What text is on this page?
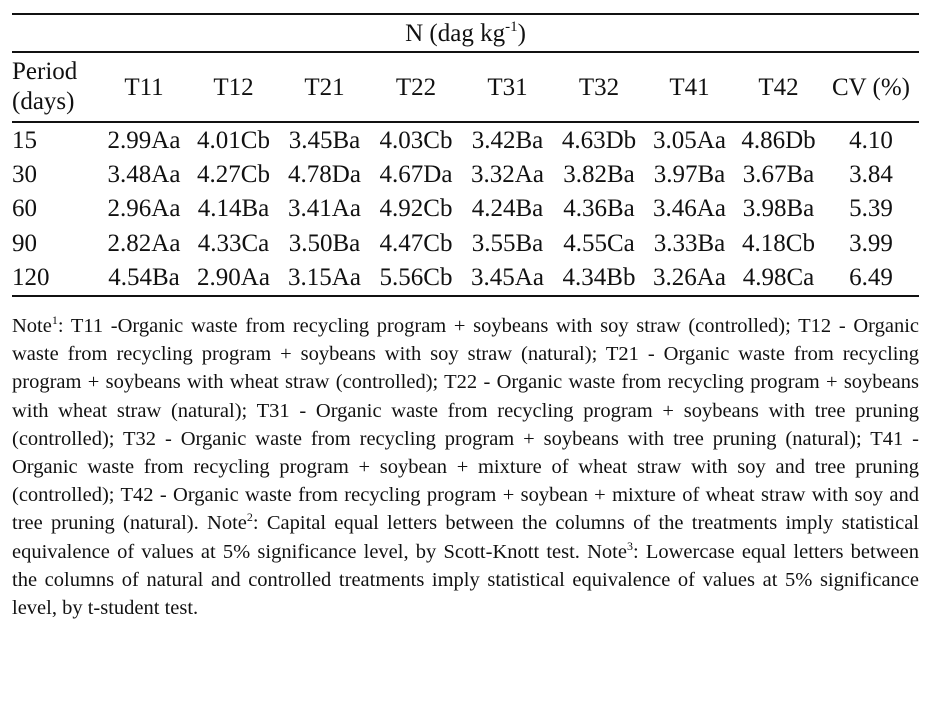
N (dag $kg^{-1}$)									
Period
(days)	T11	T12	T21	T22	T31	T32	T41	T42	CV (%)
15	2.99Aa	4.01Cb	3.45Ba	4.03Cb	3.42Ba	4.63Db	3.05Aa	4.86Db	4.10
30	3.48Aa	4.27Cb	4.78Da	4.67Da	3.32Aa	3.82Ba	3.97Ba	3.67Ba	3.84
60	2.96Aa	4.14Ba	3.41Aa	4.92Cb	4.24Ba	4.36Ba	3.46Aa	3.98Ba	5.39
90	2.82Aa	4.33Ca	3.50Ba	4.47Cb	3.55Ba	4.55Ca	3.33Ba	4.18Cb	3.99
120	4.54Ba	2.90Aa	3.15Aa	5.56Cb	3.45Aa	4.34Bb	3.26Aa	4.98Ca	6.49
Note$^1$: T11 -Organic waste from recycling program + soybeans with soy straw (controlled); T12 - Organic waste from recycling program + soybeans with soy straw (natural); T21 - Organic waste from recycling program + soybeans with wheat straw (controlled); T22 - Organic waste from recycling program + soybeans with wheat straw (natural); T31 - Organic waste from recycling program + soybeans with tree pruning (controlled); T32 - Organic waste from recycling program + soybeans with tree pruning (natural); T41 - Organic waste from recycling program + soybean + mixture of wheat straw with soy and tree pruning (controlled); T42 - Organic waste from recycling program + soybean + mixture of wheat straw with soy and tree pruning (natural). Note$^2$: Capital equal letters between the columns of the treatments imply statistical equivalence of values at 5% significance level, by Scott-Knott test. Note$^3$: Lowercase equal letters between the columns of natural and controlled treatments imply statistical equivalence of values at 5% significance level, by t-student test.
